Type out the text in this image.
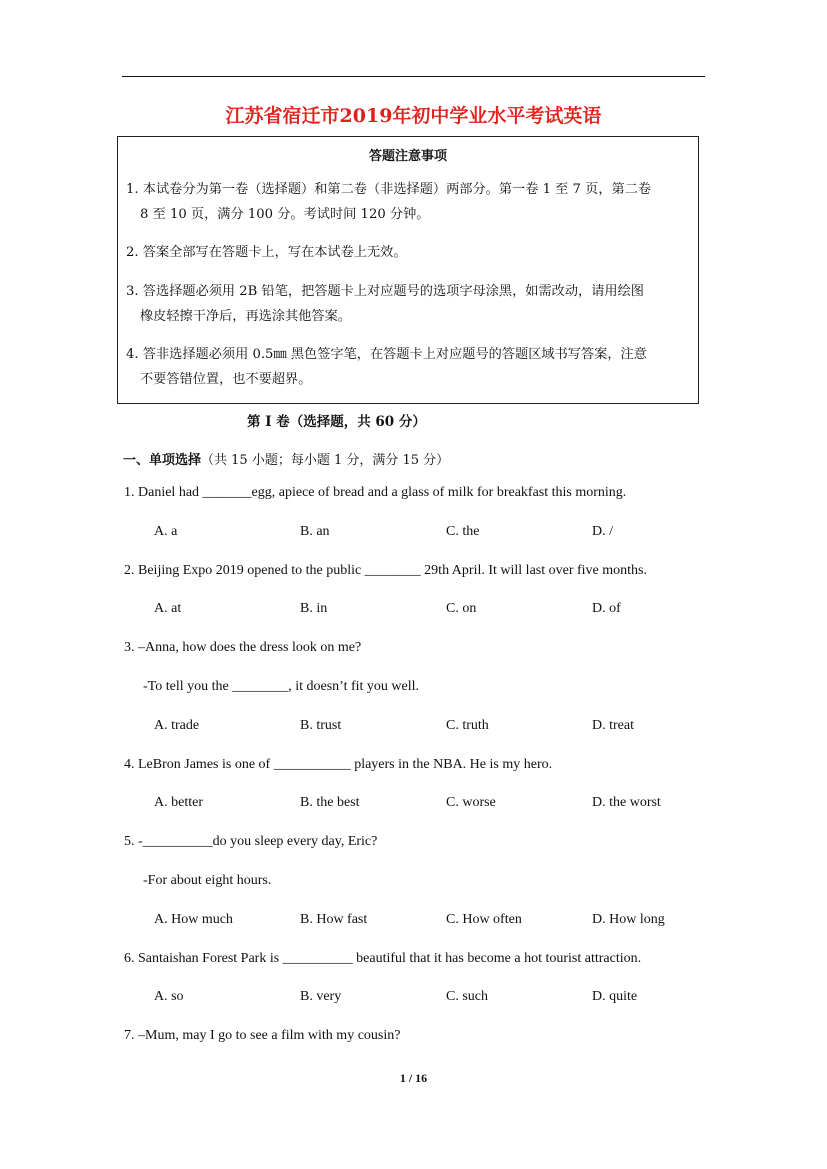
江苏省宿迁市2019年初中学业水平考试英语
答题注意事项
1. 本试卷分为第一卷（选择题）和第二卷（非选择题）两部分。第一卷 1 至 7 页，第二卷
8 至 10 页，满分 100 分。考试时间 120 分钟。
2. 答案全部写在答题卡上，写在本试卷上无效。
3. 答选择题必须用 2B 铅笔，把答题卡上对应题号的选项字母涂黑，如需改动，请用绘图
橡皮轻擦干净后，再选涂其他答案。
4. 答非选择题必须用 0.5㎜ 黑色签字笔，在答题卡上对应题号的答题区域书写答案，注意
不要答错位置，也不要超界。
第 I 卷（选择题，共 60 分）
一、单项选择（共 15 小题；每小题 1 分，满分 15 分）
1. Daniel had _______egg, apiece of bread and a glass of milk for breakfast this morning.
A. a	B. an	C. the	D. /
2. Beijing Expo 2019 opened to the public ________ 29th April. It will last over five months.
A. at	B. in	C. on	D. of
3. –Anna, how does the dress look on me?
-To tell you the ________, it doesn’t fit you well.
A. trade	B. trust	C. truth	D. treat
4. LeBron James is one of ___________ players in the NBA. He is my hero.
A. better	B. the best	C. worse	D. the worst
5. -__________do you sleep every day, Eric?
-For about eight hours.
A. How much	B. How fast	C. How often	D. How long
6. Santaishan Forest Park is __________ beautiful that it has become a hot tourist attraction.
A. so	B. very	C. such	D. quite
7. –Mum, may I go to see a film with my cousin?
1 / 16
